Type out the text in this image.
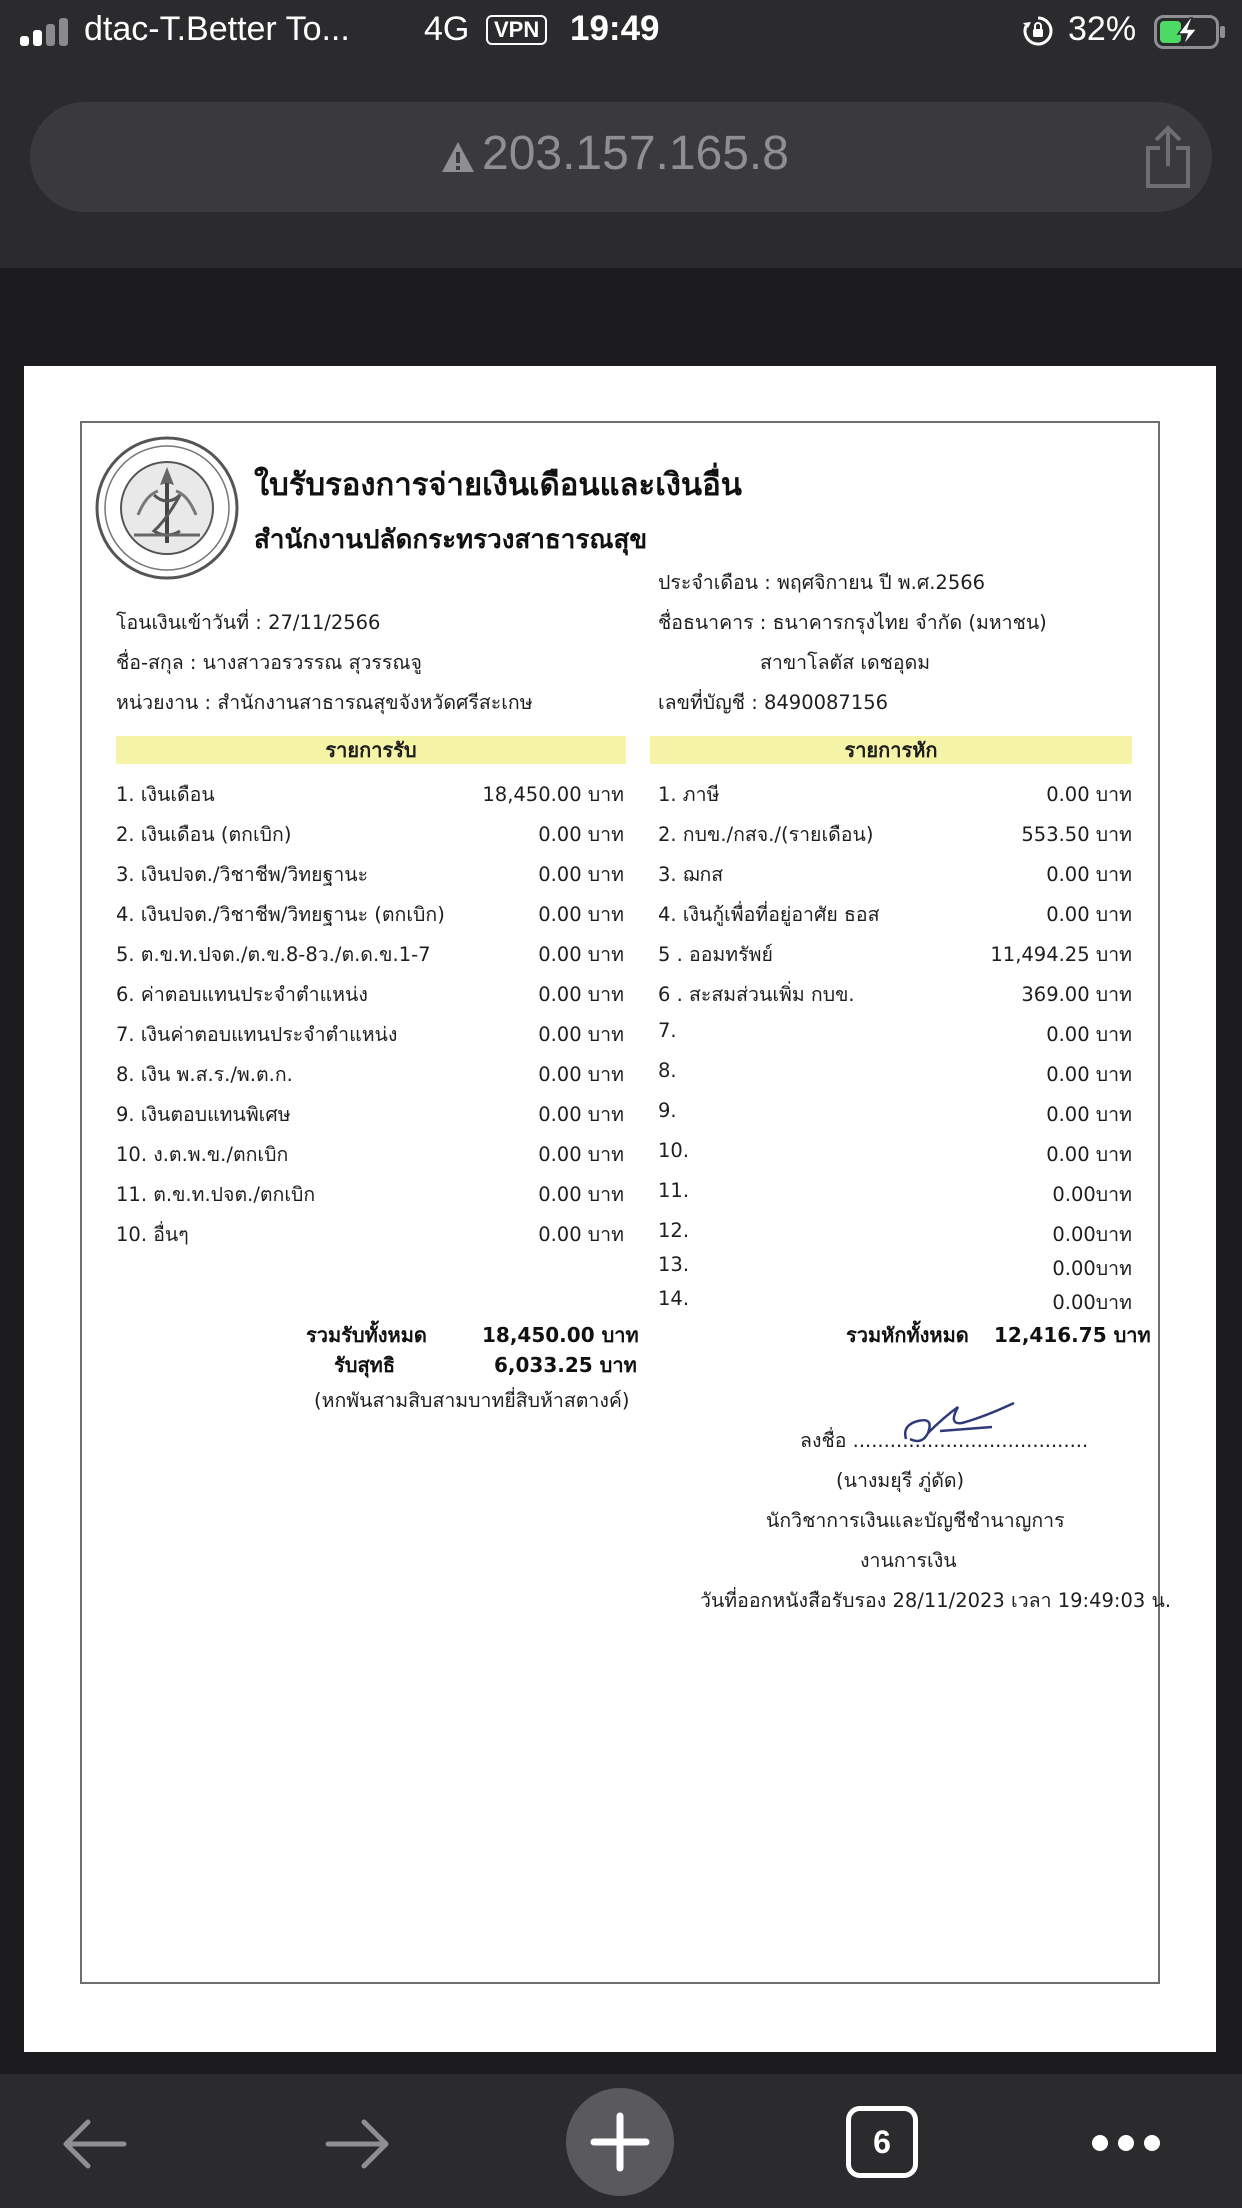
dtac-T.Better To... 4G	VPN 19:49	32%
203.157.165.8
ใบรับรองการจ่ายเงินเดือนและเงินอื่น
สำนักงานปลัดกระทรวงสาธารณสุข
ประจำเดือน : พฤศจิกายน ปี พ.ศ.2566
ชื่อธนาคาร : ธนาคารกรุงไทย จำกัด (มหาชน)
สาขาโลตัส เดชอุดม
เลขที่บัญชี : 8490087156
โอนเงินเข้าวันที่ : 27/11/2566
ชื่อ-สกุล : นางสาวอรวรรณ สุวรรณจู
หน่วยงาน : สำนักงานสาธารณสุขจังหวัดศรีสะเกษ
รายการรับ	รายการหัก
1. เงินเดือน	18,450.00 บาท
2. เงินเดือน (ตกเบิก)	0.00 บาท
3. เงินปจต./วิชาชีพ/วิทยฐานะ	0.00 บาท
4. เงินปจต./วิชาชีพ/วิทยฐานะ (ตกเบิก)	0.00 บาท
5. ต.ข.ท.ปจต./ต.ข.8-8ว./ต.ด.ข.1-7	0.00 บาท
6. ค่าตอบแทนประจำตำแหน่ง	0.00 บาท
7. เงินค่าตอบแทนประจำตำแหน่ง	0.00 บาท
8. เงิน พ.ส.ร./พ.ต.ก.	0.00 บาท
9. เงินตอบแทนพิเศษ	0.00 บาท
10. ง.ต.พ.ข./ตกเบิก	0.00 บาท
11. ต.ข.ท.ปจต./ตกเบิก	0.00 บาท
10. อื่นๆ	0.00 บาท
1. ภาษี	0.00 บาท
2. กบข./กสจ./(รายเดือน)	553.50 บาท
3. ฌกส	0.00 บาท
4. เงินกู้เพื่อที่อยู่อาศัย ธอส	0.00 บาท
5 . ออมทรัพย์	11,494.25 บาท
6 . สะสมส่วนเพิ่ม กบข.	369.00 บาท
7.	0.00 บาท
8.	0.00 บาท
9.	0.00 บาท
10.	0.00 บาท
11.	0.00บาท
12.	0.00บาท
13.	0.00บาท
14.	0.00บาท
รวมรับทั้งหมด	18,450.00 บาท
รับสุทธิ	6,033.25 บาท
(หกพันสามสิบสามบาทยี่สิบห้าสตางค์)
รวมหักทั้งหมด 12,416.75 บาท
ลงชื่อ ......................................
(นางมยุรี ภู่ดัด)
นักวิชาการเงินและบัญชีชำนาญการ
งานการเงิน
วันที่ออกหนังสือรับรอง 28/11/2023 เวลา 19:49:03 น.
6
